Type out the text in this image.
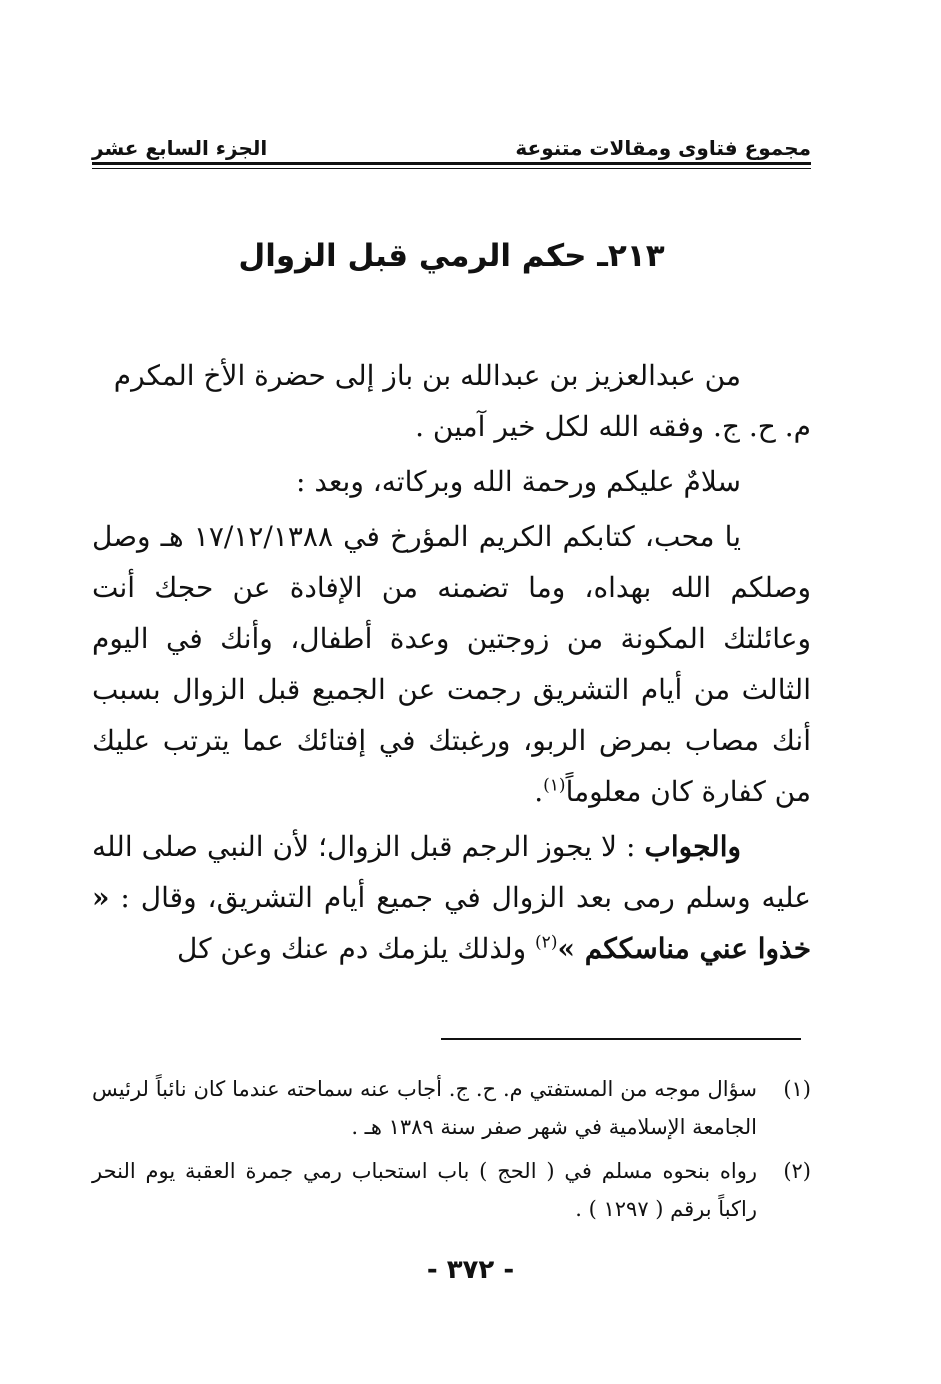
مجموع فتاوى ومقالات متنوعة
الجزء السابع عشر
٢١٣ـ حكم الرمي قبل الزوال

من عبدالعزيز بن عبدالله بن باز إلى حضرة الأخ المكرم
م. ح. ج. وفقه الله لكل خير آمين .

سلامٌ عليكم ورحمة الله وبركاته، وبعد :

يا محب، كتابكم الكريم المؤرخ في ١٧/١٢/١٣٨٨ هـ وصل وصلكم الله بهداه، وما تضمنه من الإفادة عن حجك أنت وعائلتك المكونة من زوجتين وعدة أطفال، وأنك في اليوم الثالث من أيام التشريق رجمت عن الجميع قبل الزوال بسبب أنك مصاب بمرض الربو، ورغبتك في إفتائك عما يترتب عليك من كفارة كان معلوماً$^{(١)}$.

والجواب : لا يجوز الرجم قبل الزوال؛ لأن النبي صلى الله عليه وسلم رمى بعد الزوال في جميع أيام التشريق، وقال : « خذوا عني مناسككم »$^{(٢)}$ ولذلك يلزمك دم عنك وعن كل

(١)
سؤال موجه من المستفتي م. ح. ج. أجاب عنه سماحته عندما كان نائباً لرئيس الجامعة الإسلامية في شهر صفر سنة ١٣٨٩ هـ .
(٢)
رواه بنحوه مسلم في ( الحج ) باب استحباب رمي جمرة العقبة يوم النحر راكباً برقم ( ١٢٩٧ ) .
- ٣٧٢ -
